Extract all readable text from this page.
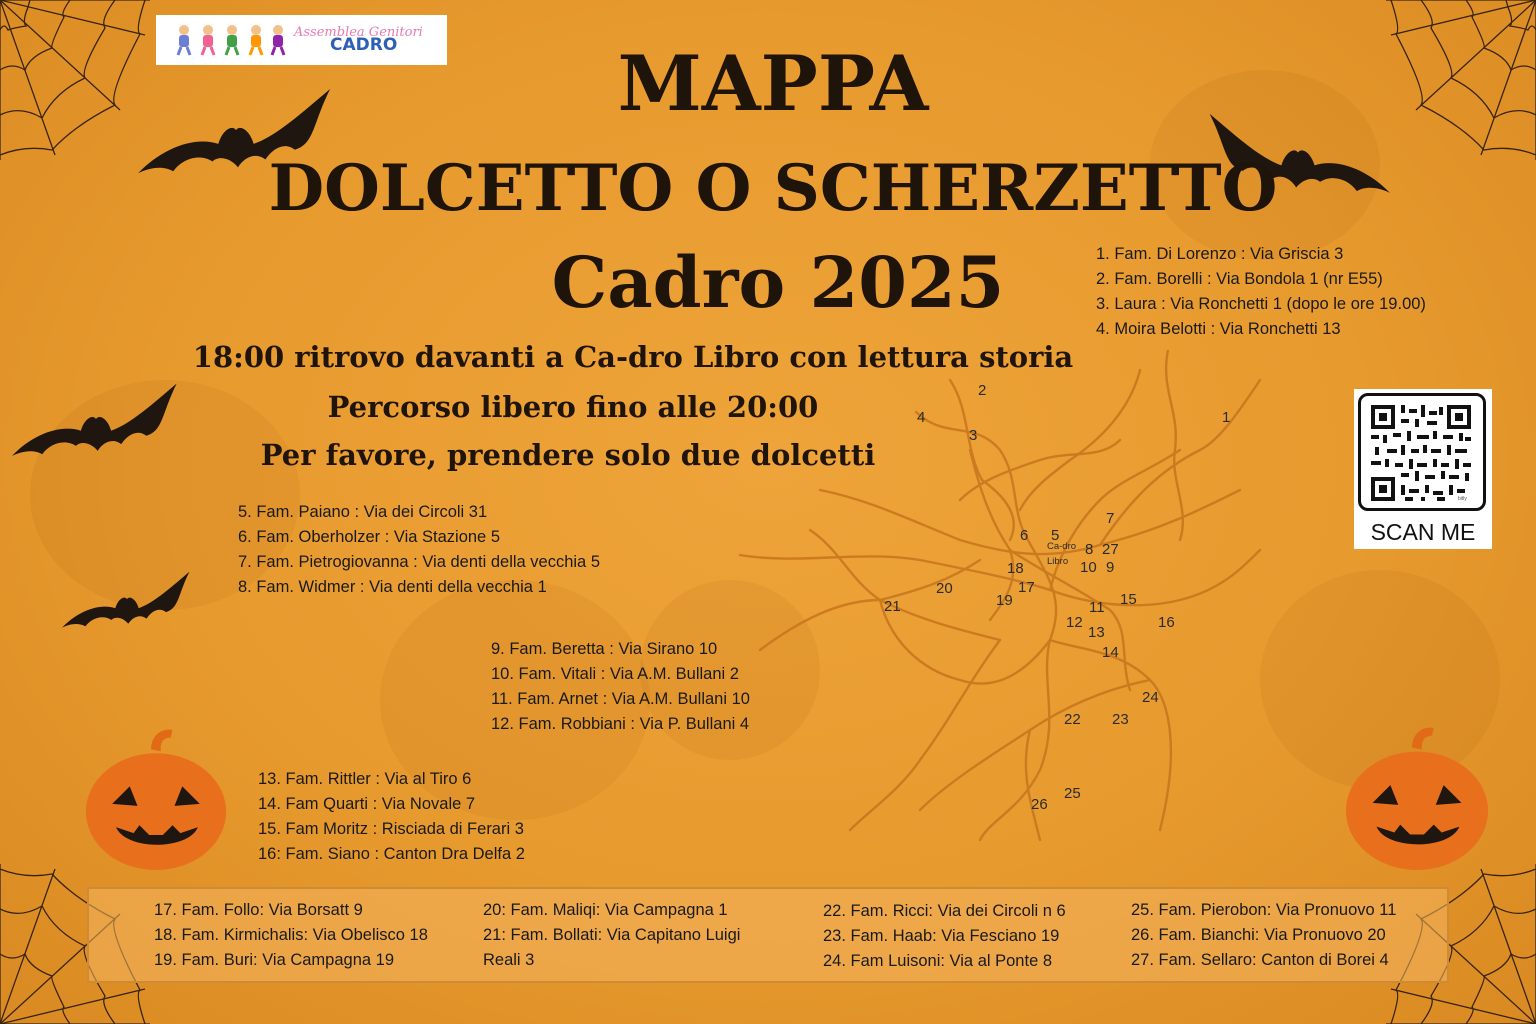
Assemblea Genitori
CADRO	MAPPA
DOLCETTO O SCHERZETTO
Cadro 2025
18:00 ritrovo davanti a Ca-dro Libro con lettura storia
Percorso libero fino alle 20:00
Per favore, prendere solo due dolcetti
bitly
SCAN ME
1
2
3
4
5
6
7
8
9
10
11
12
13
14
15
16
17
18
19
20
21
22 23
24
25
26
27
Ca-dro
Libro
1. Fam. Di Lorenzo : Via Griscia 3
2. Fam. Borelli : Via Bondola 1 (nr E55)
3. Laura : Via Ronchetti 1 (dopo le ore 19.00)
4. Moira Belotti : Via Ronchetti 13
5. Fam. Paiano : Via dei Circoli 31
6. Fam. Oberholzer : Via Stazione 5
7. Fam. Pietrogiovanna : Via denti della vecchia 5
8. Fam. Widmer : Via denti della vecchia 1
9. Fam. Beretta : Via Sirano 10
10. Fam. Vitali : Via A.M. Bullani 2
11. Fam. Arnet : Via A.M. Bullani 10
12. Fam. Robbiani : Via P. Bullani 4
13. Fam. Rittler : Via al Tiro 6
14. Fam Quarti : Via Novale 7
15. Fam Moritz : Risciada di Ferari 3
16: Fam. Siano : Canton Dra Delfa 2
17. Fam. Follo: Via Borsatt 9
18. Fam. Kirmichalis: Via Obelisco 18
19. Fam. Buri: Via Campagna 19
20: Fam. Maliqi: Via Campagna 1
21: Fam. Bollati: Via Capitano Luigi
Reali 3
22. Fam. Ricci: Via dei Circoli n 6
23. Fam. Haab: Via Fesciano 19
24. Fam Luisoni: Via al Ponte 8
25. Fam. Pierobon: Via Pronuovo 11
26. Fam. Bianchi: Via Pronuovo 20
27. Fam. Sellaro: Canton di Borei 4
